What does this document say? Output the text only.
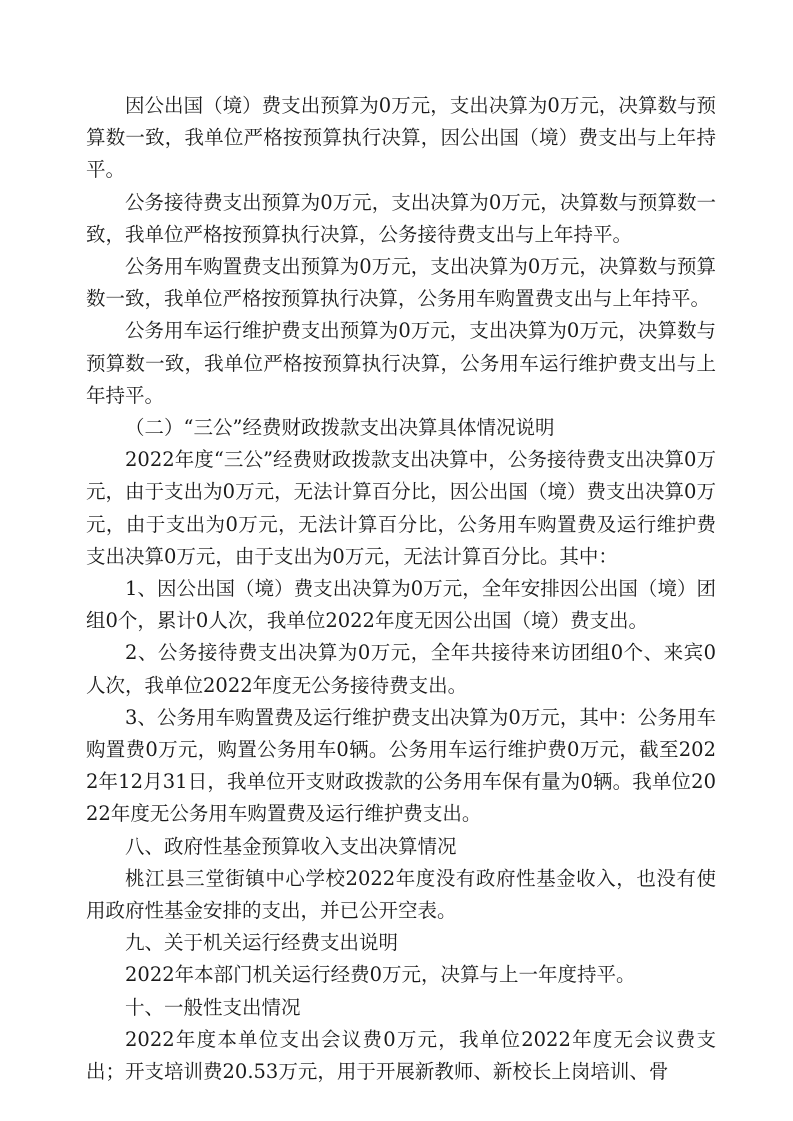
因公出国（境）费支出预算为0万元，支出决算为0万元，决算数与预算数一致，我单位严格按预算执行决算，因公出国（境）费支出与上年持平。

公务接待费支出预算为0万元，支出决算为0万元，决算数与预算数一致，我单位严格按预算执行决算，公务接待费支出与上年持平。

公务用车购置费支出预算为0万元，支出决算为0万元，决算数与预算数一致，我单位严格按预算执行决算，公务用车购置费支出与上年持平。

公务用车运行维护费支出预算为0万元，支出决算为0万元，决算数与预算数一致，我单位严格按预算执行决算，公务用车运行维护费支出与上年持平。

（二）“三公”经费财政拨款支出决算具体情况说明

2022年度“三公”经费财政拨款支出决算中，公务接待费支出决算0万元，由于支出为0万元，无法计算百分比，因公出国（境）费支出决算0万元，由于支出为0万元，无法计算百分比，公务用车购置费及运行维护费支出决算0万元，由于支出为0万元，无法计算百分比。其中：

1、因公出国（境）费支出决算为0万元，全年安排因公出国（境）团组0个，累计0人次，我单位2022年度无因公出国（境）费支出。

2、公务接待费支出决算为0万元，全年共接待来访团组0个、来宾0人次，我单位2022年度无公务接待费支出。

3、公务用车购置费及运行维护费支出决算为0万元，其中：公务用车购置费0万元，购置公务用车0辆。公务用车运行维护费0万元，截至2022年12月31日，我单位开支财政拨款的公务用车保有量为0辆。我单位2022年度无公务用车购置费及运行维护费支出。

八、政府性基金预算收入支出决算情况

桃江县三堂街镇中心学校2022年度没有政府性基金收入，也没有使用政府性基金安排的支出，并已公开空表。

九、关于机关运行经费支出说明

2022年本部门机关运行经费0万元，决算与上一年度持平。

十、一般性支出情况

2022年度本单位支出会议费0万元，我单位2022年度无会议费支出；开支培训费20.53万元，用于开展新教师、新校长上岗培训、骨
